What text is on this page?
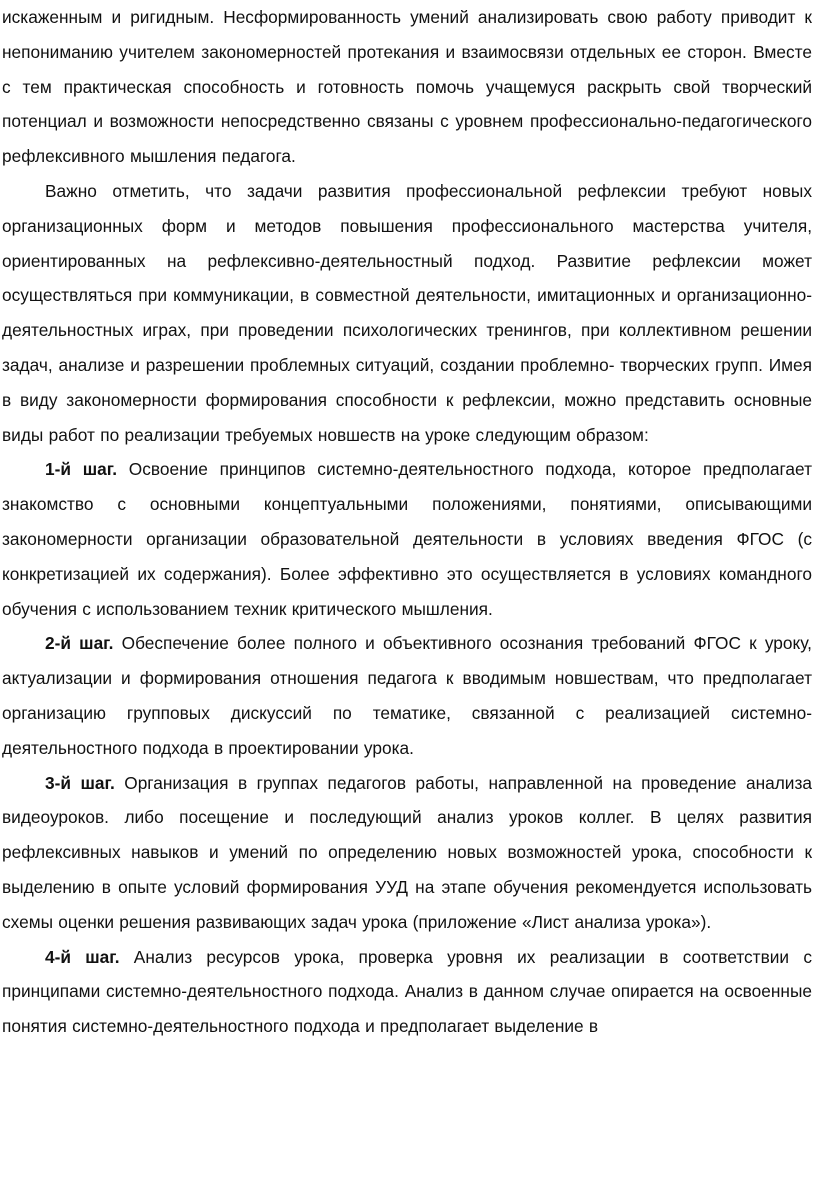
искаженным и ригидным. Несформированность умений анализировать свою работу приводит к непониманию учителем закономерностей протекания и взаимосвязи отдельных ее сторон. Вместе с тем практическая способность и готовность помочь учащемуся раскрыть свой творческий потенциал и возможности непосредственно связаны с уровнем профессионально-педагогического рефлексивного мышления педагога.

Важно отметить, что задачи развития профессиональной рефлексии требуют новых организационных форм и методов повышения профессионального мастерства учителя, ориентированных на рефлексивно-деятельностный подход. Развитие рефлексии может осуществляться при коммуникации, в совместной деятельности, имитационных и организационно-деятельностных играх, при проведении психологических тренингов, при коллективном решении задач, анализе и разрешении проблемных ситуаций, создании проблемно- творческих групп. Имея в виду закономерности формирования способности к рефлексии, можно представить основные виды работ по реализации требуемых новшеств на уроке следующим образом:

1-й шаг. Освоение принципов системно-деятельностного подхода, которое предполагает знакомство с основными концептуальными положениями, понятиями, описывающими закономерности организации образовательной деятельности в условиях введения ФГОС (с конкретизацией их содержания). Более эффективно это осуществляется в условиях командного обучения с использованием техник критического мышления.

2-й шаг. Обеспечение более полного и объективного осознания требований ФГОС к уроку, актуализации и формирования отношения педагога к вводимым новшествам, что предполагает организацию групповых дискуссий по тематике, связанной с реализацией системно-деятельностного подхода в проектировании урока.

3-й шаг. Организация в группах педагогов работы, направленной на проведение анализа видеоуроков. либо посещение и последующий анализ уроков коллег. В целях развития рефлексивных навыков и умений по определению новых возможностей урока, способности к выделению в опыте условий формирования УУД на этапе обучения рекомендуется использовать схемы оценки решения развивающих задач урока (приложение «Лист анализа урока»).

4-й шаг. Анализ ресурсов урока, проверка уровня их реализации в соответствии с принципами системно-деятельностного подхода. Анализ в данном случае опирается на освоенные понятия системно-деятельностного подхода и предполагает выделение в
